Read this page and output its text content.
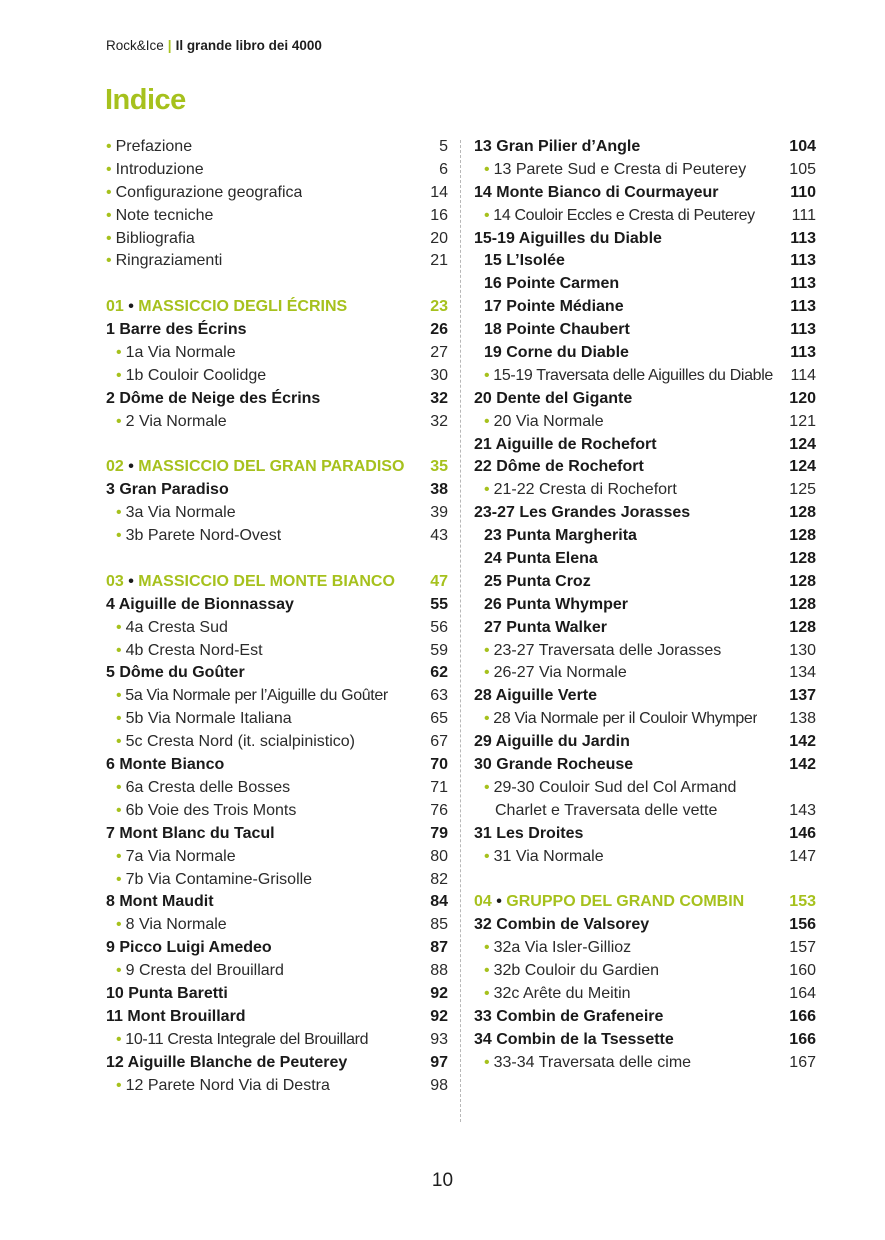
Rock&Ice | Il grande libro dei 4000
Indice
• Prefazione	5
• Introduzione	6
• Configurazione geografica	14
• Note tecniche	16
• Bibliografia	20
• Ringraziamenti	21
01 • MASSICCIO DEGLI ÉCRINS	23
1 Barre des Écrins	26
• 1a Via Normale	27
• 1b Couloir Coolidge	30
2 Dôme de Neige des Écrins	32
• 2 Via Normale	32
02 • MASSICCIO DEL GRAN PARADISO	35
3 Gran Paradiso	38
• 3a Via Normale	39
• 3b Parete Nord-Ovest	43
03 • MASSICCIO DEL MONTE BIANCO	47
4 Aiguille de Bionnassay	55
• 4a Cresta Sud	56
• 4b Cresta Nord-Est	59
5 Dôme du Goûter	62
• 5a Via Normale per l’Aiguille du Goûter	63
• 5b Via Normale Italiana	65
• 5c Cresta Nord (it. scialpinistico)	67
6 Monte Bianco	70
• 6a Cresta delle Bosses	71
• 6b Voie des Trois Monts	76
7 Mont Blanc du Tacul	79
• 7a Via Normale	80
• 7b Via Contamine-Grisolle	82
8 Mont Maudit	84
• 8 Via Normale	85
9 Picco Luigi Amedeo	87
• 9 Cresta del Brouillard	88
10 Punta Baretti	92
11 Mont Brouillard	92
• 10-11 Cresta Integrale del Brouillard	93
12 Aiguille Blanche de Peuterey	97
• 12 Parete Nord Via di Destra	98
13 Gran Pilier d’Angle	104
• 13 Parete Sud e Cresta di Peuterey	105
14 Monte Bianco di Courmayeur	110
• 14 Couloir Eccles e Cresta di Peuterey	111
15-19 Aiguilles du Diable	113
15 L’Isolée	113
16 Pointe Carmen	113
17 Pointe Médiane	113
18 Pointe Chaubert	113
19 Corne du Diable	113
• 15-19 Traversata delle Aiguilles du Diable	114
20 Dente del Gigante	120
• 20 Via Normale	121
21 Aiguille de Rochefort	124
22 Dôme de Rochefort	124
• 21-22 Cresta di Rochefort	125
23-27 Les Grandes Jorasses	128
23 Punta Margherita	128
24 Punta Elena	128
25 Punta Croz	128
26 Punta Whymper	128
27 Punta Walker	128
• 23-27 Traversata delle Jorasses	130
• 26-27 Via Normale	134
28 Aiguille Verte	137
• 28 Via Normale per il Couloir Whymper	138
29 Aiguille du Jardin	142
30 Grande Rocheuse	142
• 29-30 Couloir Sud del Col Armand
Charlet e Traversata delle vette	143
31 Les Droites	146
• 31 Via Normale	147
04 • GRUPPO DEL GRAND COMBIN	153
32 Combin de Valsorey	156
• 32a Via Isler-Gillioz	157
• 32b Couloir du Gardien	160
• 32c Arête du Meitin	164
33 Combin de Grafeneire	166
34 Combin de la Tsessette	166
• 33-34 Traversata delle cime	167
10
